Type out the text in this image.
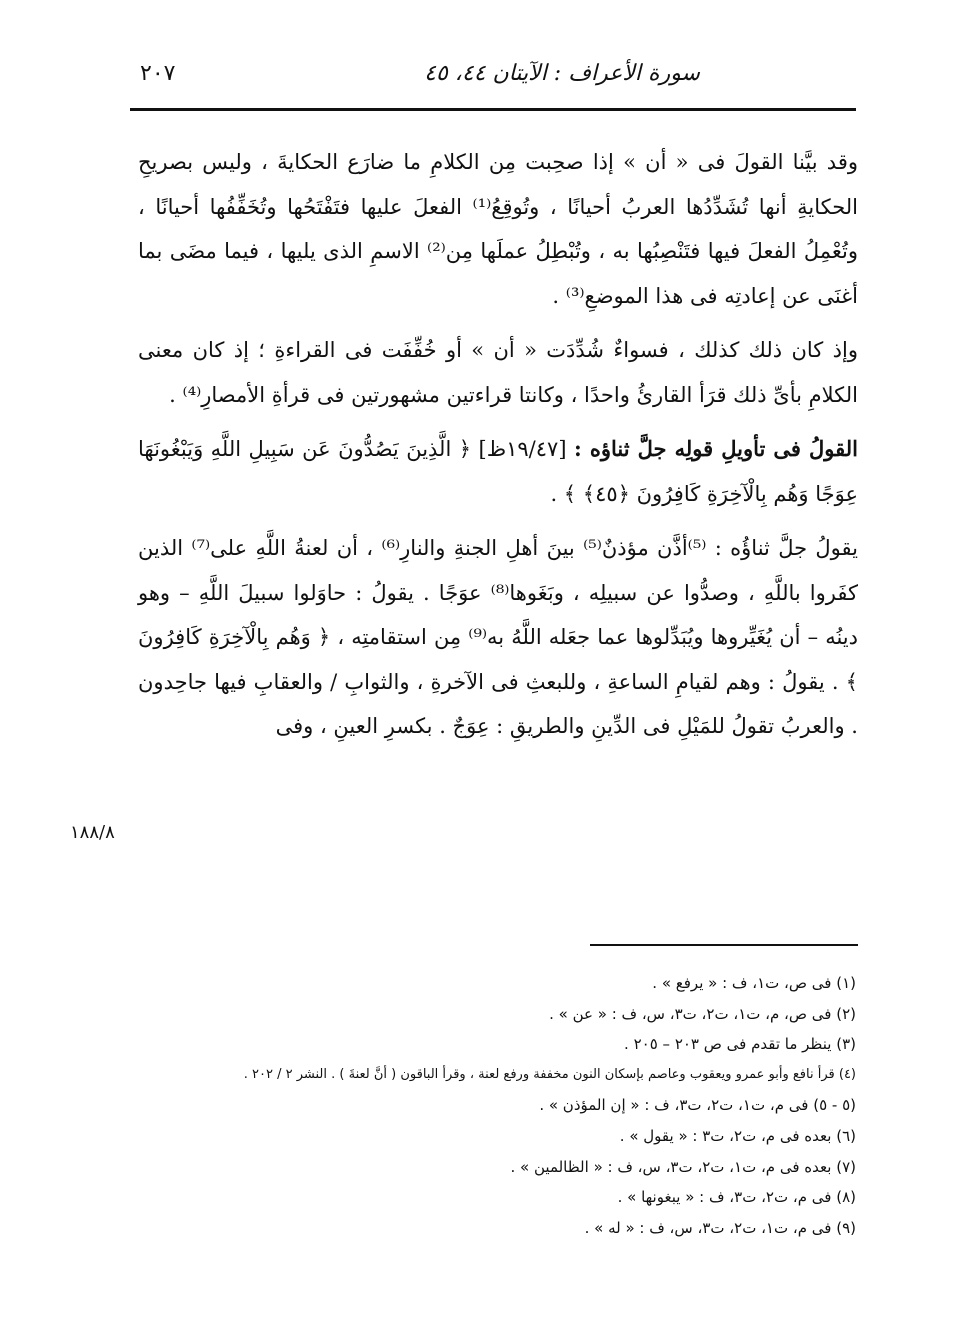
سورة الأعراف : الآيتان ٤٤، ٤٥
٢٠٧

وقد بيَّنا القولَ فى « أن » إذا صحِبت مِن الكلامِ ما ضارَع الحكايةَ ، وليس بصريحِ الحكايةِ أنها تُشَدِّدُها العربُ أحيانًا ، وتُوقِعُ⁽¹⁾ الفعلَ عليها فتَفْتَحُها وتُخَفِّفُها أحيانًا ، وتُعْمِلُ الفعلَ فيها فتَنْصِبُها به ، وتُبْطِلُ عملَها مِن⁽²⁾ الاسمِ الذى يليها ، فيما مضَى بما أغنَى عن إعادتِه فى هذا الموضعِ⁽³⁾ .

وإذ كان ذلك كذلك ، فسواءٌ شُدِّدَت « أن » أو خُفِّفَت فى القراءةِ ؛ إذ كان معنى الكلامِ بأىِّ ذلك قرَأ القارئُ واحدًا ، وكانتا قراءتين مشهورتين فى قرأةِ الأمصارِ⁽⁴⁾ .

القولُ فى تأويلِ قولِه جلَّ ثناؤه : [١٩/٤٧ظ] ﴿ الَّذِينَ يَصُدُّونَ عَن سَبِيلِ اللَّهِ وَيَبْغُونَهَا عِوَجًا وَهُم بِالْآخِرَةِ كَافِرُونَ ﴿٤٥﴾ ﴾ .

يقولُ جلَّ ثناؤُه : ⁽⁵⁾أذَّن مؤذنٌ⁽⁵⁾ بينَ أهلِ الجنةِ والنارِ⁽⁶⁾ ، أن لعنةُ اللَّهِ على⁽⁷⁾ الذين كفَروا باللَّهِ ، وصدُّوا عن سبيلِه ، وبَغَوها⁽⁸⁾ عوَجًا . يقولُ : حاوَلوا سبيلَ اللَّهِ – وهو دينُه – أن يُغَيِّروها ويُبَدِّلوها عما جعَله اللَّهُ به⁽⁹⁾ مِن استقامتِه ، ﴿ وَهُم بِالْآخِرَةِ كَافِرُونَ ﴾ . يقولُ : وهم لقيامِ الساعةِ ، وللبعثِ فى الآخرةِ ، والثوابِ / والعقابِ فيها جاحِدون . والعربُ تقولُ للمَيْلِ فى الدِّينِ والطريقِ : عِوَجٌ . بكسرِ العينِ ، وفى

١٨٨/٨
(١) فى ص، ت١، ف : « يرفع » .
(٢) فى ص، م، ت١، ت٢، ت٣، س، ف : « عن » .
(٣) ينظر ما تقدم فى ص ٢٠٣ – ٢٠٥ .
(٤) قرأ نافع وأبو عمرو ويعقوب وعاصم بإسكان النون مخففة ورفع لعنة ، وقرأ الباقون ( أنَّ لعنةَ ) . النشر ٢ / ٢٠٢ .
(٥ - ٥) فى م، ت١، ت٢، ت٣، ف : « إن المؤذن » .
(٦) بعده فى م، ت٢، ت٣ : « يقول » .
(٧) بعده فى م، ت١، ت٢، ت٣، س، ف : « الظالمين » .
(٨) فى م، ت٢، ت٣، ف : « يبغونها » .
(٩) فى م، ت١، ت٢، ت٣، س، ف : « له » .
